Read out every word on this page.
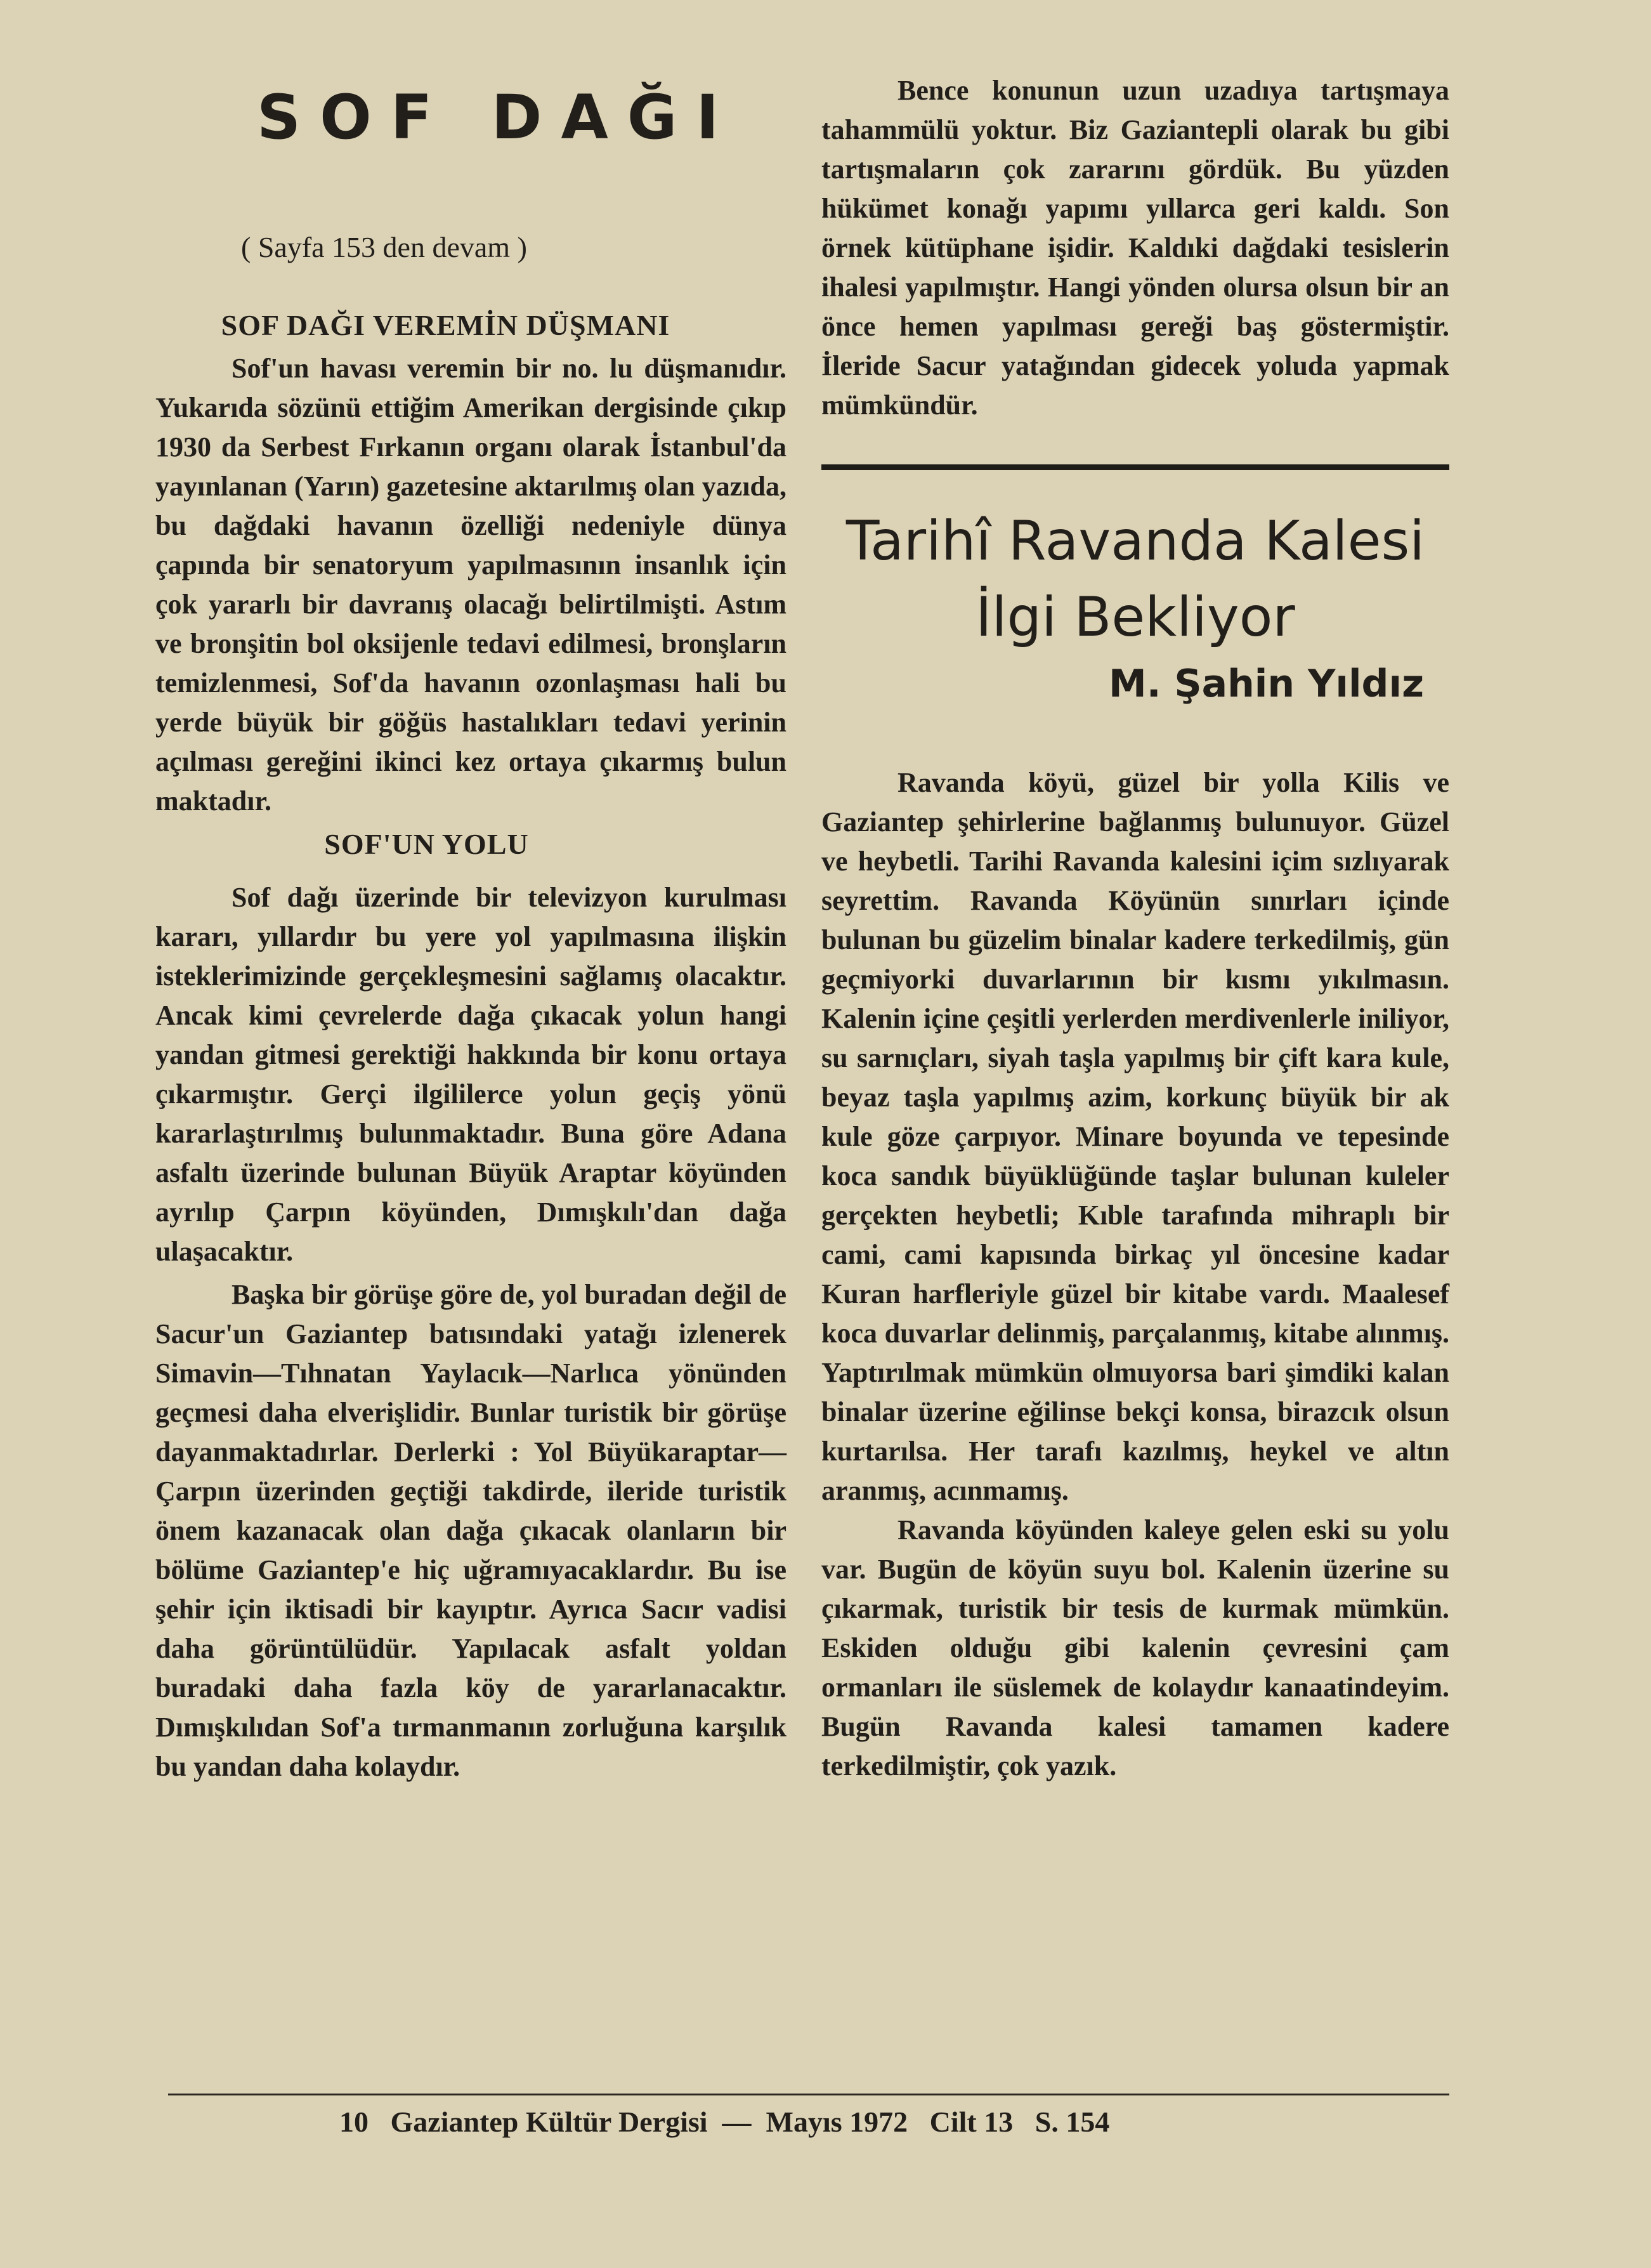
SOF DAĞI
( Sayfa 153 den devam )
SOF DAĞI VEREMİN DÜŞMANI

Sof'un havası veremin bir no. lu düşmanıdır. Yukarıda sözünü ettiğim Amerikan dergisinde çıkıp 1930 da Serbest Fırkanın organı olarak İstanbul'da yayınlanan (Yarın) gazetesine aktarılmış olan yazıda, bu dağdaki havanın özelliği nedeniyle dünya çapında bir senatoryum yapılmasının insanlık için çok yararlı bir davranış olacağı belirtilmişti. Astım ve bronşitin bol oksijenle tedavi edilmesi, bronşların temizlenmesi, Sof'da havanın ozonlaşması hali bu yerde büyük bir göğüs hastalıkları tedavi yerinin açılması gereğini ikinci kez ortaya çıkarmış bulun maktadır.

SOF'UN YOLU

Sof dağı üzerinde bir televizyon kurulması kararı, yıllardır bu yere yol yapılmasına ilişkin isteklerimizinde gerçekleşmesini sağlamış olacaktır. Ancak kimi çevrelerde dağa çıkacak yolun hangi yandan gitmesi gerektiği hakkında bir konu ortaya çıkarmıştır. Gerçi ilgililerce yolun geçiş yönü kararlaştırılmış bulunmaktadır. Buna göre Adana asfaltı üzerinde bulunan Büyük Araptar köyünden ayrılıp Çarpın köyünden, Dımışkılı'dan dağa ulaşacaktır.

Başka bir görüşe göre de, yol buradan değil de Sacur'un Gaziantep batısındaki yatağı izlenerek Simavin—Tıhnatan Yaylacık—Narlıca yönünden geçmesi daha elverişlidir. Bunlar turistik bir görüşe dayanmaktadırlar. Derlerki : Yol Büyükaraptar—Çarpın üzerinden geçtiği takdirde, ileride turistik önem kazanacak olan dağa çıkacak olanların bir bölüme Gaziantep'e hiç uğramıyacaklardır. Bu ise şehir için iktisadi bir kayıptır. Ayrıca Sacır vadisi daha görüntülüdür. Yapılacak asfalt yoldan buradaki daha fazla köy de yararlanacaktır. Dımışkılıdan Sof'a tırmanmanın zorluğuna karşılık bu yandan daha kolaydır.

Bence konunun uzun uzadıya tartışmaya tahammülü yoktur. Biz Gaziantepli olarak bu gibi tartışmaların çok zararını gördük. Bu yüzden hükümet konağı yapımı yıllarca geri kaldı. Son örnek kütüphane işidir. Kaldıki dağdaki tesislerin ihalesi yapılmıştır. Hangi yönden olursa olsun bir an önce hemen yapılması gereği baş göstermiştir. İleride Sacur yatağından gidecek yoluda yapmak mümkündür.

Tarihî Ravanda Kalesi
İlgi Bekliyor
M. Şahin Yıldız

Ravanda köyü, güzel bir yolla Kilis ve Gaziantep şehirlerine bağlanmış bulunuyor. Güzel ve heybetli. Tarihi Ravanda kalesini içim sızlıyarak seyrettim. Ravanda Köyünün sınırları içinde bulunan bu güzelim binalar kadere terkedilmiş, gün geçmiyorki duvarlarının bir kısmı yıkılmasın. Kalenin içine çeşitli yerlerden merdivenlerle iniliyor, su sarnıçları, siyah taşla yapılmış bir çift kara kule, beyaz taşla yapılmış azim, korkunç büyük bir ak kule göze çarpıyor. Minare boyunda ve tepesinde koca sandık büyüklüğünde taşlar bulunan kuleler gerçekten heybetli; Kıble tarafında mihraplı bir cami, cami kapısında birkaç yıl öncesine kadar Kuran harfleriyle güzel bir kitabe vardı. Maalesef koca duvarlar delinmiş, parçalanmış, kitabe alınmış. Yaptırılmak mümkün olmuyorsa bari şimdiki kalan binalar üzerine eğilinse bekçi konsa, birazcık olsun kurtarılsa. Her tarafı kazılmış, heykel ve altın aranmış, acınmamış.

Ravanda köyünden kaleye gelen eski su yolu var. Bugün de köyün suyu bol. Kalenin üzerine su çıkarmak, turistik bir tesis de kurmak mümkün. Eskiden olduğu gibi kalenin çevresini çam ormanları ile süslemek de kolaydır kanaatindeyim. Bugün Ravanda kalesi tamamen kadere terkedilmiştir, çok yazık.

10 Gaziantep Kültür Dergisi — Mayıs 1972 Cilt 13 S. 154
